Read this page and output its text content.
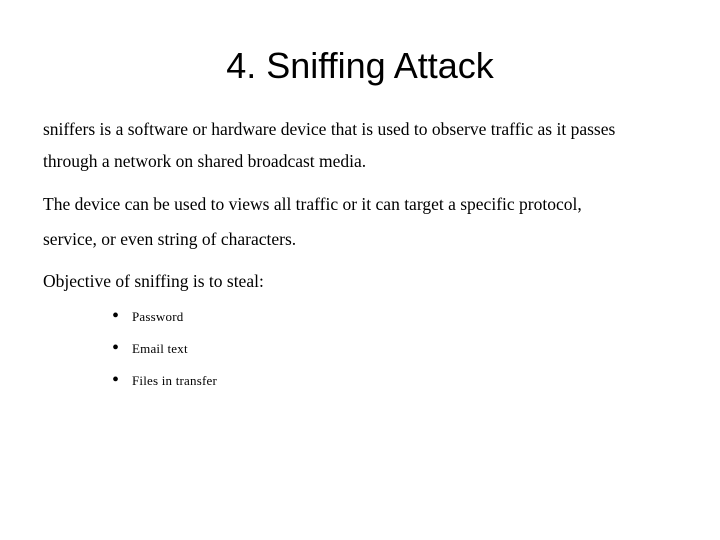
4. Sniffing Attack

sniffers is a software or hardware device that is used to observe traffic as it passes

through a network on shared broadcast media.

The device can be used to views all traffic or it can target a specific protocol,

service, or even string of characters.

Objective of sniffing is to steal:

• Password
• Email text
• Files in transfer
